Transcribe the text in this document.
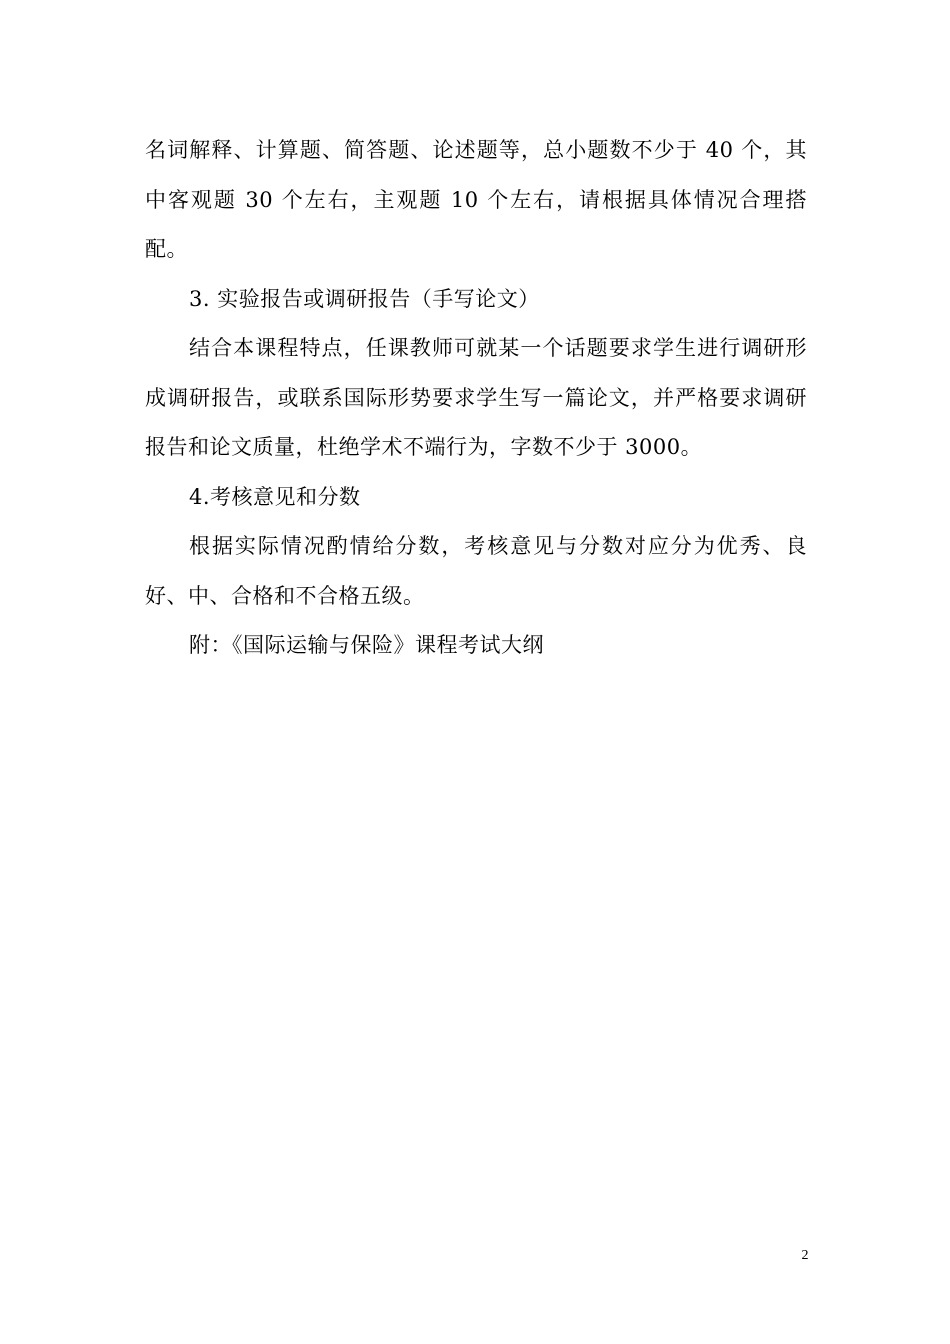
名词解释、计算题、简答题、论述题等，总小题数不少于 40 个，其中客观题 30 个左右，主观题 10 个左右，请根据具体情况合理搭配。

3. 实验报告或调研报告（手写论文）

结合本课程特点，任课教师可就某一个话题要求学生进行调研形成调研报告，或联系国际形势要求学生写一篇论文，并严格要求调研报告和论文质量，杜绝学术不端行为，字数不少于 3000。

4.考核意见和分数

根据实际情况酌情给分数，考核意见与分数对应分为优秀、良好、中、合格和不合格五级。

附：《国际运输与保险》课程考试大纲

2
